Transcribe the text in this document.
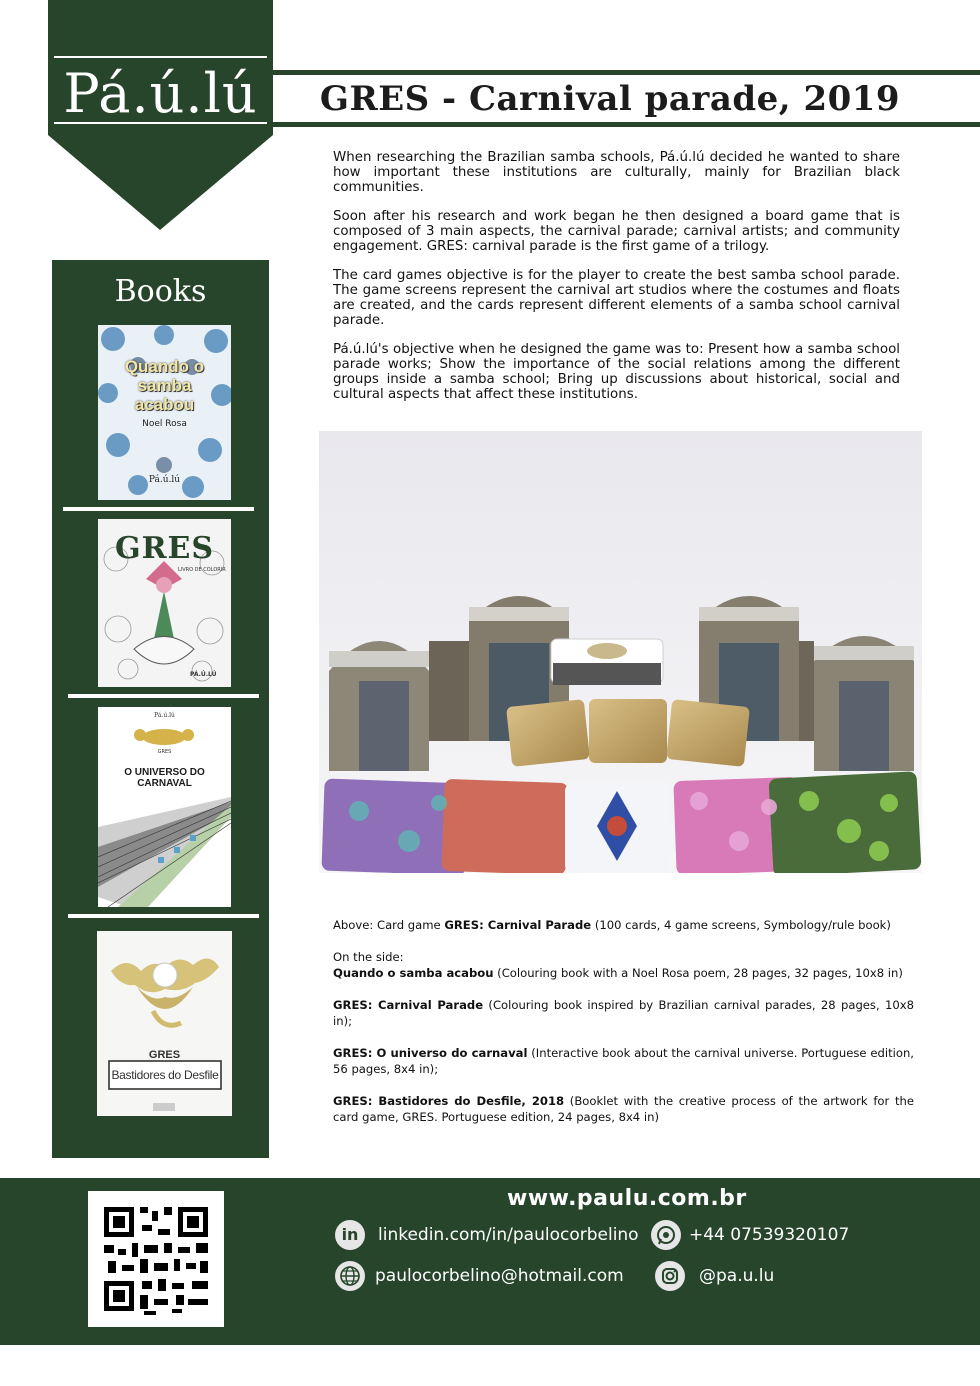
Pá.ú.lú	GRES - Carnival parade, 2019

When researching the Brazilian samba schools, Pá.ú.lú decided he wanted to share how important these institutions are culturally, mainly for Brazilian black communities.

Soon after his research and work began he then designed a board game that is composed of 3 main aspects, the carnival parade; carnival artists; and community engagement. GRES: carnival parade is the first game of a trilogy.

The card games objective is for the player to create the best samba school parade. The game screens represent the carnival art studios where the costumes and floats are created, and the cards represent different elements of a samba school carnival parade.

Pá.ú.lú's objective when he designed the game was to: Present how a samba school parade works; Show the importance of the social relations among the different groups inside a samba school; Bring up discussions about historical, social and cultural aspects that affect these institutions.

Books
Quando o
samba
acabou
Noel Rosa
Pá.ú.lú
GRES
LIVRO DE COLORIR
PÁ.Ú.LÚ
Pá.ú.lú
GRES
O UNIVERSO DO
CARNAVAL
GRES
Bastidores do Desfile

Above: Card game GRES: Carnival Parade (100 cards, 4 game screens, Symbology/rule book)

On the side:
Quando o samba acabou (Colouring book with a Noel Rosa poem, 28 pages, 32 pages, 10x8 in)

GRES: Carnival Parade (Colouring book inspired by Brazilian carnival parades, 28 pages, 10x8 in);

GRES: O universo do carnaval (Interactive book about the carnival universe. Portuguese edition, 56 pages, 8x4 in);

GRES: Bastidores do Desfile, 2018 (Booklet with the creative process of the artwork for the card game, GRES. Portuguese edition, 24 pages, 8x4 in)

www.paulu.com.br
in	linkedin.com/in/paulocorbelino	+44 07539320107
paulocorbelino@hotmail.com	@pa.u.lu
